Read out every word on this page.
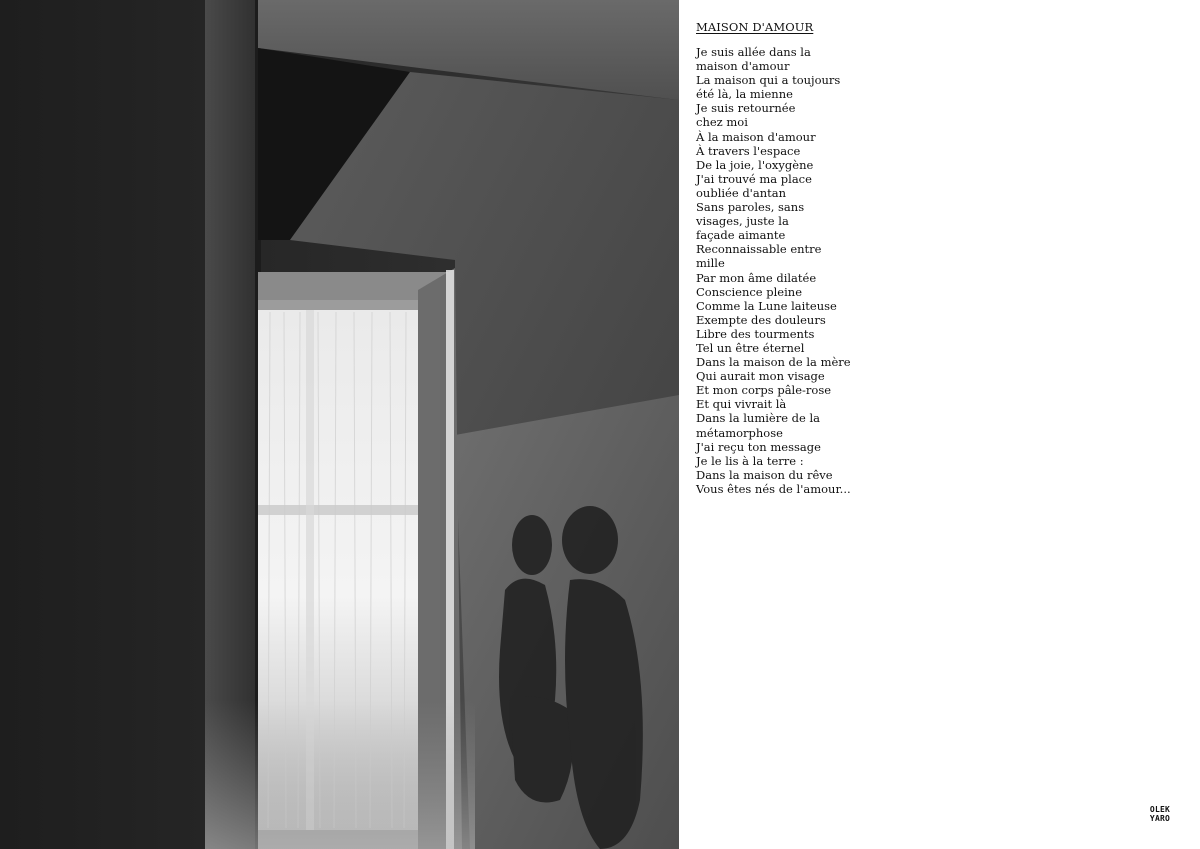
MAISON D'AMOUR
Je suis allée dans la
maison d'amour
La maison qui a toujours
été là, la mienne
Je suis retournée
chez moi
À la maison d'amour
À travers l'espace
De la joie, l'oxygène
J'ai trouvé ma place
oubliée d'antan
Sans paroles, sans
visages, juste la
façade aimante
Reconnaissable entre
mille
Par mon âme dilatée
Conscience pleine
Comme la Lune laiteuse
Exempte des douleurs
Libre des tourments
Tel un être éternel
Dans la maison de la mère
Qui aurait mon visage
Et mon corps pâle-rose
Et qui vivrait là
Dans la lumière de la
métamorphose
J'ai reçu ton message
Je le lis à la terre :
Dans la maison du rêve
Vous êtes nés de l'amour...
OLEK
YARO
